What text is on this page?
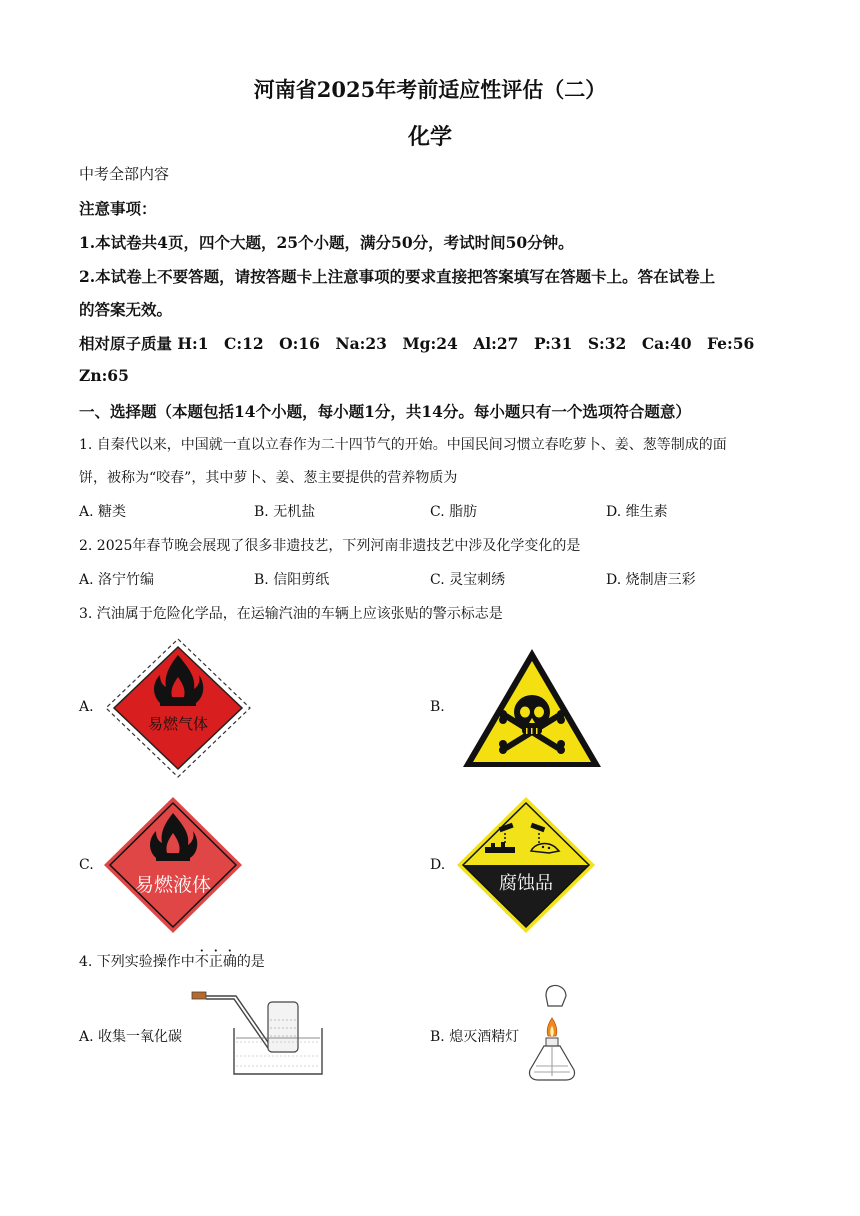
河南省2025年考前适应性评估（二）
化学
中考全部内容
注意事项：
1.本试卷共4页，四个大题，25个小题，满分50分，考试时间50分钟。
2.本试卷上不要答题，请按答题卡上注意事项的要求直接把答案填写在答题卡上。答在试卷上
的答案无效。
相对原子质量 H:1　C:12　O:16　Na:23　Mg:24　Al:27　P:31　S:32　Ca:40　Fe:56
Zn:65
一、选择题（本题包括14个小题，每小题1分，共14分。每小题只有一个选项符合题意）
1. 自秦代以来，中国就一直以立春作为二十四节气的开始。中国民间习惯立春吃萝卜、姜、葱等制成的面
饼，被称为“咬春”，其中萝卜、姜、葱主要提供的营养物质为
A. 糖类	B. 无机盐	C. 脂肪	D. 维生素
2. 2025年春节晚会展现了很多非遗技艺，下列河南非遗技艺中涉及化学变化的是
A. 洛宁竹编	B. 信阳剪纸	C. 灵宝刺绣	D. 烧制唐三彩
3. 汽油属于危险化学品，在运输汽油的车辆上应该张贴的警示标志是
A.	B.
C.	D.
易燃气体
易燃液体	腐蚀品
4. 下列实验操作中不正确的是
A. 收集一氧化碳	B. 熄灭酒精灯
